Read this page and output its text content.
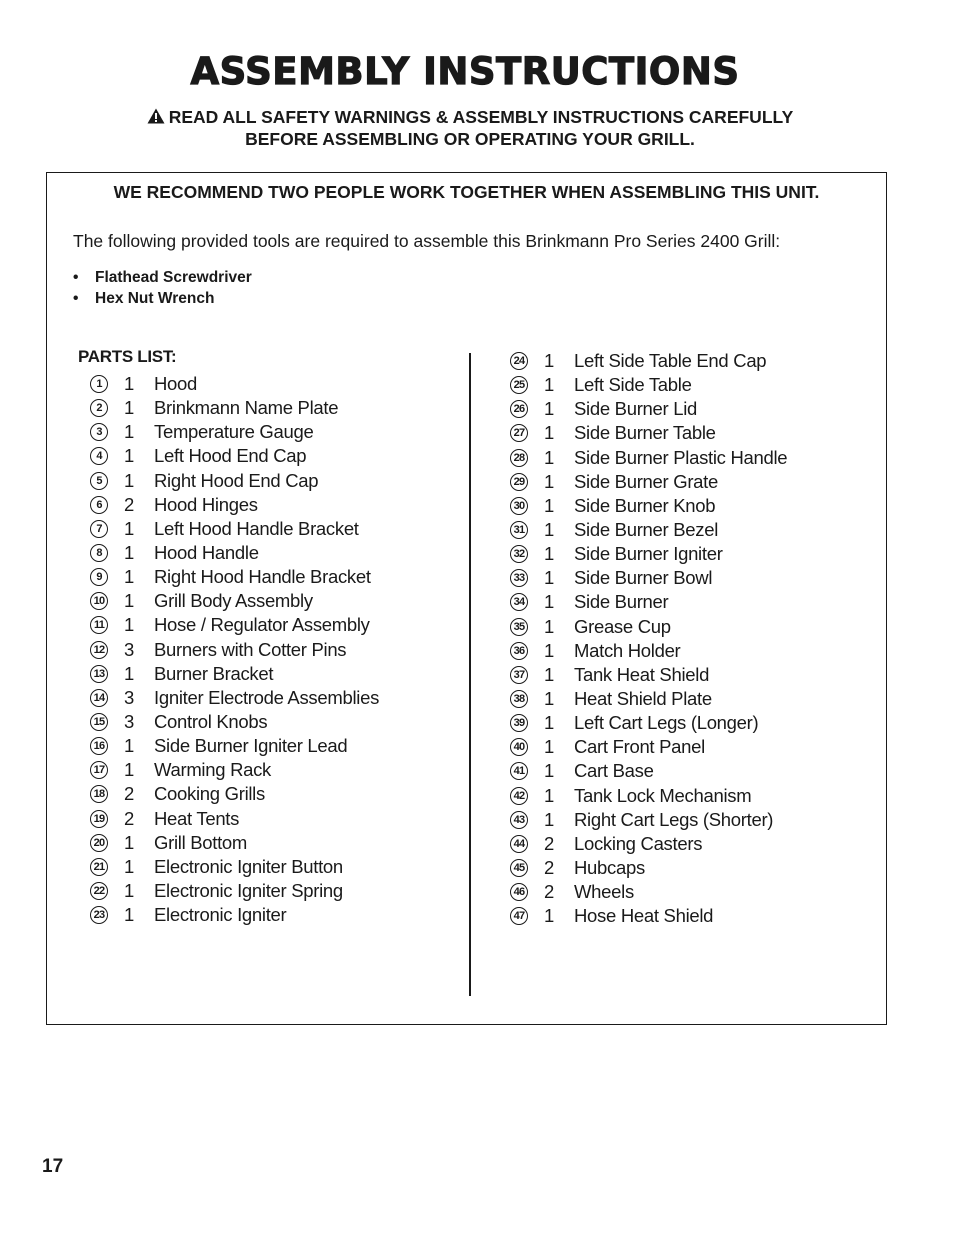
ASSEMBLY INSTRUCTIONS
READ ALL SAFETY WARNINGS & ASSEMBLY INSTRUCTIONS CAREFULLY
BEFORE ASSEMBLING OR OPERATING YOUR GRILL.
WE RECOMMEND TWO PEOPLE WORK TOGETHER WHEN ASSEMBLING THIS UNIT.
The following provided tools are required to assemble this Brinkmann Pro Series 2400 Grill:
• Flathead Screwdriver
• Hex Nut Wrench
PARTS LIST:
1	1	Hood
2	1	Brinkmann Name Plate
3	1	Temperature Gauge
4	1	Left Hood End Cap
5	1	Right Hood End Cap
6	2	Hood Hinges
7	1	Left Hood Handle Bracket
8	1	Hood Handle
9	1	Right Hood Handle Bracket
10	1	Grill Body Assembly
11	1	Hose / Regulator Assembly
12	3	Burners with Cotter Pins
13	1	Burner Bracket
14	3	Igniter Electrode Assemblies
15	3	Control Knobs
16	1	Side Burner Igniter Lead
17	1	Warming Rack
18	2	Cooking Grills
19	2	Heat Tents
20	1	Grill Bottom
21	1	Electronic Igniter Button
22	1	Electronic Igniter Spring
23	1	Electronic Igniter
24	1	Left Side Table End Cap
25	1	Left Side Table
26	1	Side Burner Lid
27	1	Side Burner Table
28	1	Side Burner Plastic Handle
29	1	Side Burner Grate
30	1	Side Burner Knob
31	1	Side Burner Bezel
32	1	Side Burner Igniter
33	1	Side Burner Bowl
34	1	Side Burner
35	1	Grease Cup
36	1	Match Holder
37	1	Tank Heat Shield
38	1	Heat Shield Plate
39	1	Left Cart Legs (Longer)
40	1	Cart Front Panel
41	1	Cart Base
42	1	Tank Lock Mechanism
43	1	Right Cart Legs (Shorter)
44	2	Locking Casters
45	2	Hubcaps
46	2	Wheels
47	1	Hose Heat Shield
17
